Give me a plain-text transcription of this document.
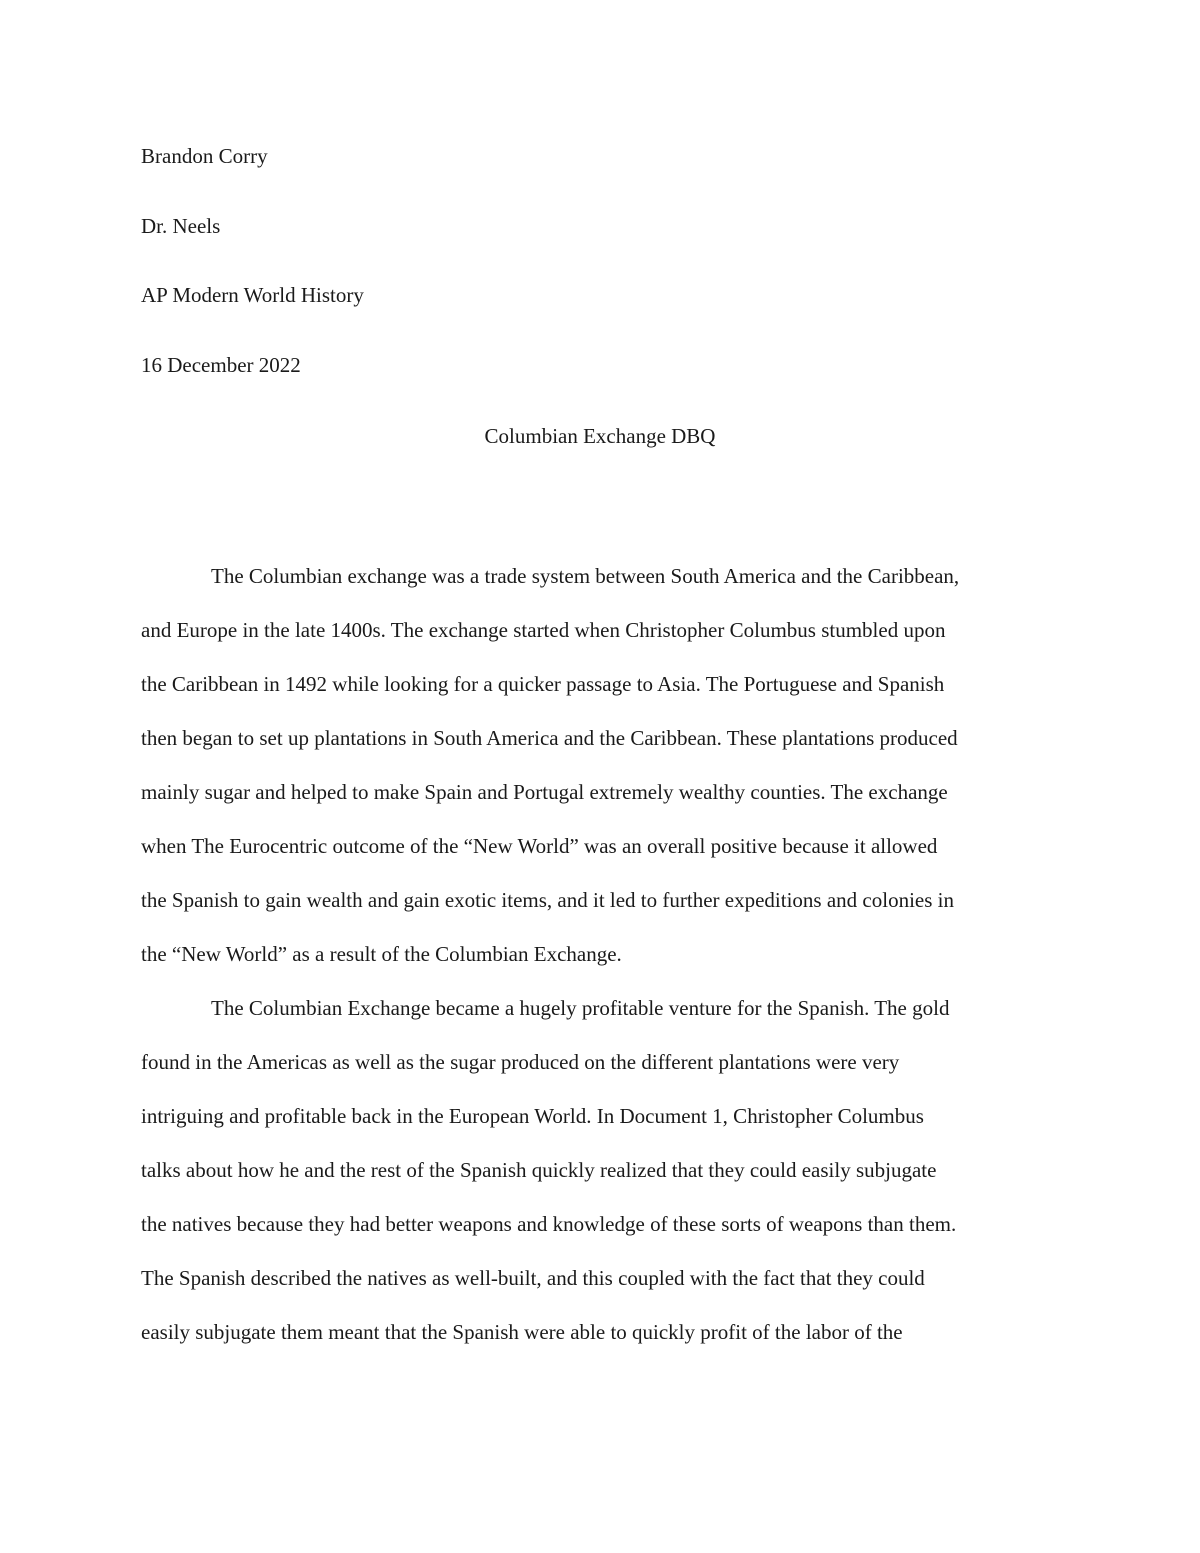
Brandon Corry
Dr. Neels
AP Modern World History
16 December 2022
Columbian Exchange DBQ
The Columbian exchange was a trade system between South America and the Caribbean,
and Europe in the late 1400s. The exchange started when Christopher Columbus stumbled upon
the Caribbean in 1492 while looking for a quicker passage to Asia. The Portuguese and Spanish
then began to set up plantations in South America and the Caribbean. These plantations produced
mainly sugar and helped to make Spain and Portugal extremely wealthy counties. The exchange
when The Eurocentric outcome of the “New World” was an overall positive because it allowed
the Spanish to gain wealth and gain exotic items, and it led to further expeditions and colonies in
the “New World” as a result of the Columbian Exchange.
The Columbian Exchange became a hugely profitable venture for the Spanish. The gold
found in the Americas as well as the sugar produced on the different plantations were very
intriguing and profitable back in the European World. In Document 1, Christopher Columbus
talks about how he and the rest of the Spanish quickly realized that they could easily subjugate
the natives because they had better weapons and knowledge of these sorts of weapons than them.
The Spanish described the natives as well-built, and this coupled with the fact that they could
easily subjugate them meant that the Spanish were able to quickly profit of the labor of the
